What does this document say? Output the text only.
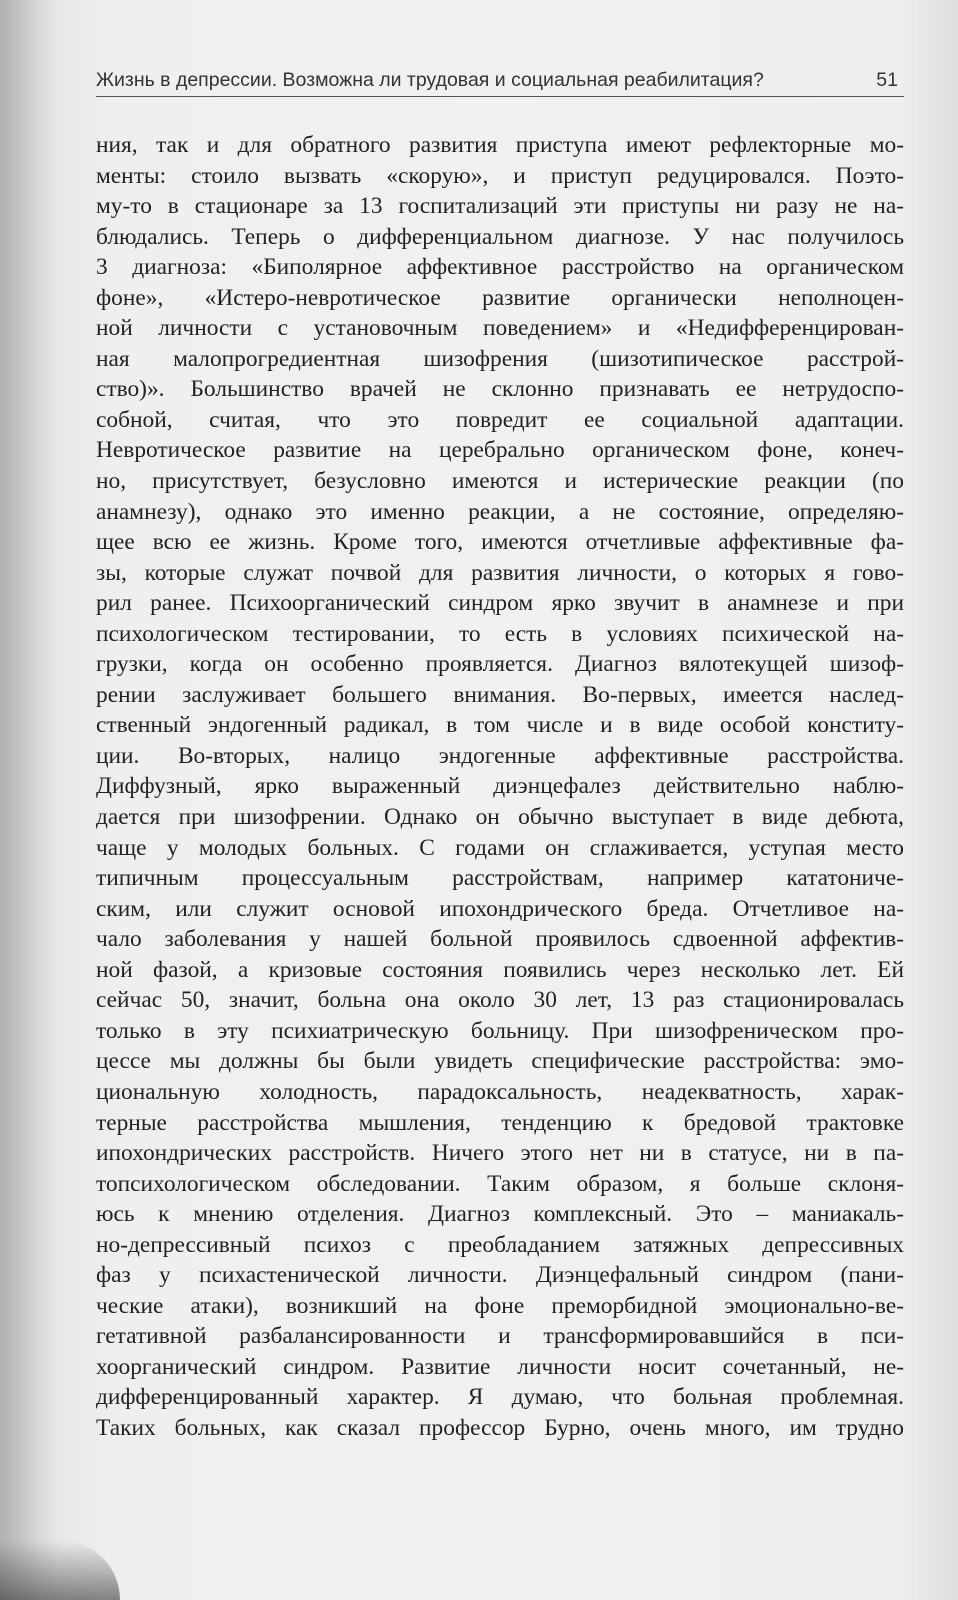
Жизнь в депрессии. Возможна ли трудовая и социальная реабилитация?	51
ния, так и для обратного развития приступа имеют рефлекторные мо-
менты: стоило вызвать «скорую», и приступ редуцировался. Поэто-
му-то в стационаре за 13 госпитализаций эти приступы ни разу не на-
блюдались. Теперь о дифференциальном диагнозе. У нас получилось
3 диагноза: «Биполярное аффективное расстройство на органическом
фоне», «Истеро-невротическое развитие органически неполноцен-
ной личности с установочным поведением» и «Недифференцирован-
ная малопрогредиентная шизофрения (шизотипическое расстрой-
ство)». Большинство врачей не склонно признавать ее нетрудоспо-
собной, считая, что это повредит ее социальной адаптации.
Невротическое развитие на церебрально органическом фоне, конеч-
но, присутствует, безусловно имеются и истерические реакции (по
анамнезу), однако это именно реакции, а не состояние, определяю-
щее всю ее жизнь. Кроме того, имеются отчетливые аффективные фа-
зы, которые служат почвой для развития личности, о которых я гово-
рил ранее. Психоорганический синдром ярко звучит в анамнезе и при
психологическом тестировании, то есть в условиях психической на-
грузки, когда он особенно проявляется. Диагноз вялотекущей шизоф-
рении заслуживает большего внимания. Во-первых, имеется наслед-
ственный эндогенный радикал, в том числе и в виде особой конститу-
ции. Во-вторых, налицо эндогенные аффективные расстройства.
Диффузный, ярко выраженный диэнцефалез действительно наблю-
дается при шизофрении. Однако он обычно выступает в виде дебюта,
чаще у молодых больных. С годами он сглаживается, уступая место
типичным процессуальным расстройствам, например кататониче-
ским, или служит основой ипохондрического бреда. Отчетливое на-
чало заболевания у нашей больной проявилось сдвоенной аффектив-
ной фазой, а кризовые состояния появились через несколько лет. Ей
сейчас 50, значит, больна она около 30 лет, 13 раз стационировалась
только в эту психиатрическую больницу. При шизофреническом про-
цессе мы должны бы были увидеть специфические расстройства: эмо-
циональную холодность, парадоксальность, неадекватность, харак-
терные расстройства мышления, тенденцию к бредовой трактовке
ипохондрических расстройств. Ничего этого нет ни в статусе, ни в па-
топсихологическом обследовании. Таким образом, я больше склоня-
юсь к мнению отделения. Диагноз комплексный. Это – маниакаль-
но-депрессивный психоз с преобладанием затяжных депрессивных
фаз у психастенической личности. Диэнцефальный синдром (пани-
ческие атаки), возникший на фоне преморбидной эмоционально-ве-
гетативной разбалансированности и трансформировавшийся в пси-
хоорганический синдром. Развитие личности носит сочетанный, не-
дифференцированный характер. Я думаю, что больная проблемная.
Таких больных, как сказал профессор Бурно, очень много, им трудно
